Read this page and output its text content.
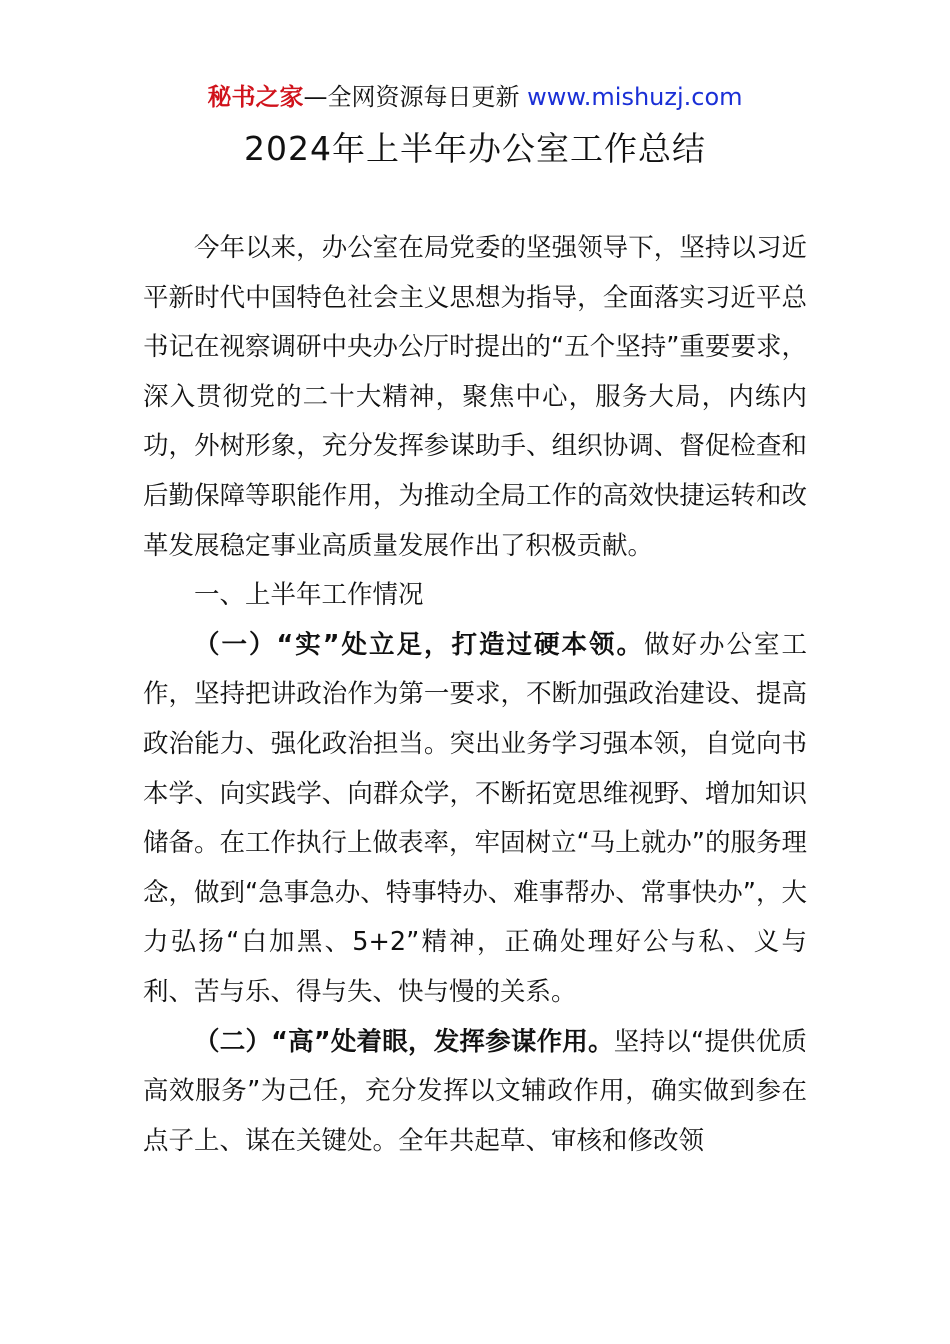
秘书之家—全网资源每日更新 www.mishuzj.com
2024年上半年办公室工作总结

今年以来，办公室在局党委的坚强领导下，坚持以习近平新时代中国特色社会主义思想为指导，全面落实习近平总书记在视察调研中央办公厅时提出的“五个坚持”重要要求，深入贯彻党的二十大精神，聚焦中心，服务大局，内练内功，外树形象，充分发挥参谋助手、组织协调、督促检查和后勤保障等职能作用，为推动全局工作的高效快捷运转和改革发展稳定事业高质量发展作出了积极贡献。

一、上半年工作情况

（一）“实”处立足，打造过硬本领。做好办公室工作，坚持把讲政治作为第一要求，不断加强政治建设、提高政治能力、强化政治担当。突出业务学习强本领，自觉向书本学、向实践学、向群众学，不断拓宽思维视野、增加知识储备。在工作执行上做表率，牢固树立“马上就办”的服务理念，做到“急事急办、特事特办、难事帮办、常事快办”，大力弘扬“白加黑、5+2”精神，正确处理好公与私、义与利、苦与乐、得与失、快与慢的关系。

（二）“高”处着眼，发挥参谋作用。坚持以“提供优质高效服务”为己任，充分发挥以文辅政作用，确实做到参在点子上、谋在关键处。全年共起草、审核和修改领
